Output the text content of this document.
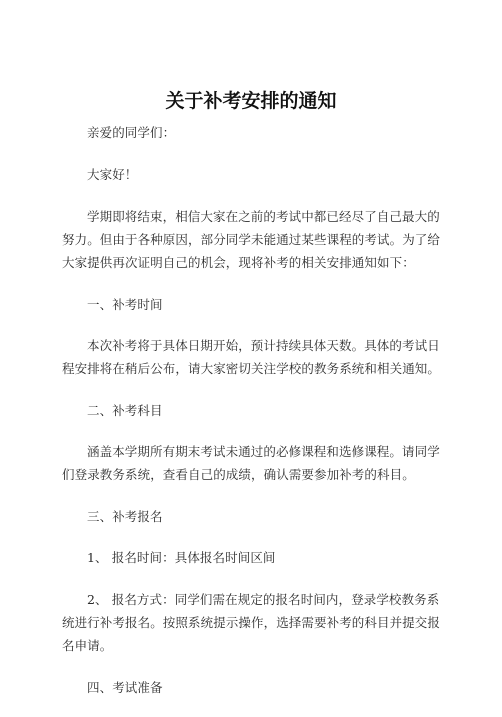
关于补考安排的通知

亲爱的同学们：

大家好！

学期即将结束，相信大家在之前的考试中都已经尽了自己最大的努力。但由于各种原因，部分同学未能通过某些课程的考试。为了给大家提供再次证明自己的机会，现将补考的相关安排通知如下：

一、补考时间

本次补考将于具体日期开始，预计持续具体天数。具体的考试日程安排将在稍后公布，请大家密切关注学校的教务系统和相关通知。

二、补考科目

涵盖本学期所有期末考试未通过的必修课程和选修课程。请同学们登录教务系统，查看自己的成绩，确认需要参加补考的科目。

三、补考报名

1、 报名时间：具体报名时间区间

2、 报名方式：同学们需在规定的报名时间内，登录学校教务系统进行补考报名。按照系统提示操作，选择需要补考的科目并提交报名申请。

四、考试准备
